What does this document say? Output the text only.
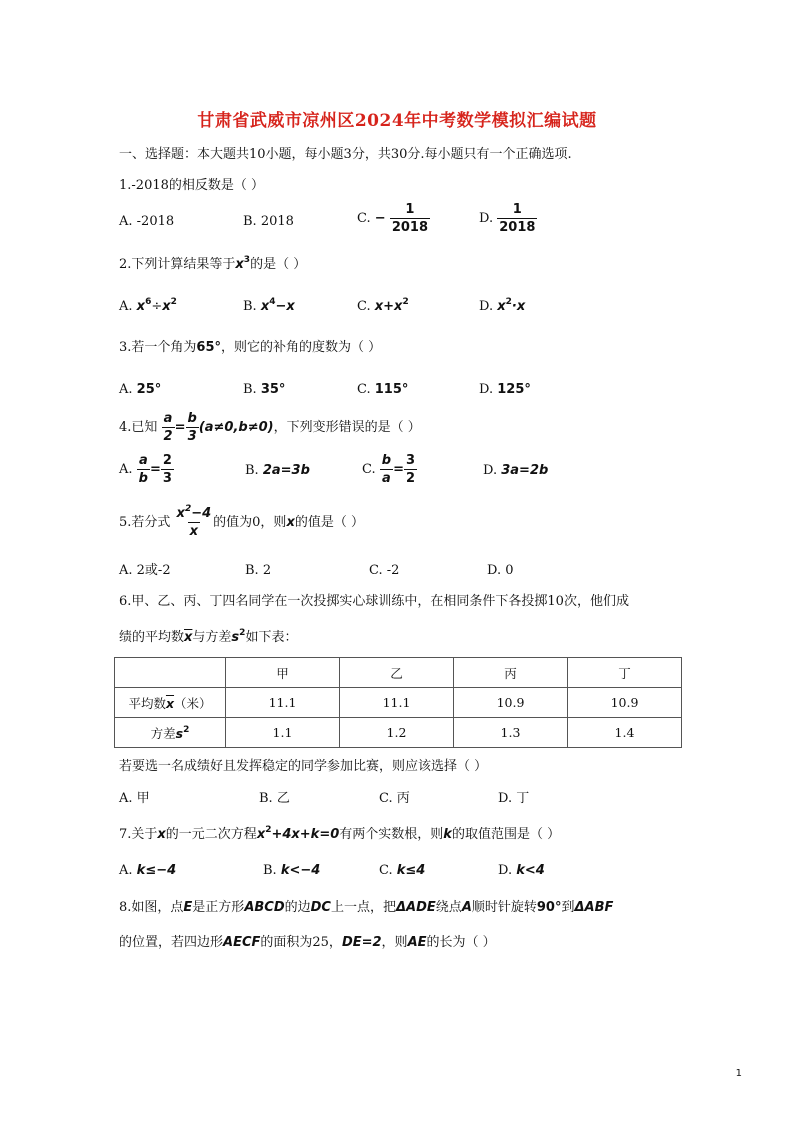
甘肃省武威市凉州区2024年中考数学模拟汇编试题
一、选择题：本大题共10小题，每小题3分，共30分.每小题只有一个正确选项.
1.-2018的相反数是（ ）
A. -2018	B. 2018	C. − $\frac{1}{2018}$	D. $\frac{1}{2018}$
2.下列计算结果等于$x^3$的是（ ）
A. $x^6\div x^2$	B. $x^4-x$	C. $x+x^2$	D. $x^2\cdot x$
3.若一个角为65°，则它的补角的度数为（ ）
A. 25°	B. 35°	C. 115°	D. 125°
4.已知 $\frac{a}{2} = \frac{b}{3} (a\ne 0,b\ne 0)$，下列变形错误的是（ ）
A. $\frac{a}{b} = \frac{2}{3}$	B. 2a=3b	C. $\frac{b}{a} = \frac{3}{2}$	D. 3a=2b
5.若分式 $\frac{x^2-4}{x}$ 的值为0，则x的值是（ ）
A. 2或-2	B. 2	C. -2	D. 0
6.甲、乙、丙、丁四名同学在一次投掷实心球训练中，在相同条件下各投掷10次，他们成
绩的平均数$\overline{x}$与方差$s^2$如下表：
	甲	乙	丙	丁
平均数$\overline{x}$（米）	11.1	11.1	10.9	10.9
方差$s^2$	1.1	1.2	1.3	1.4
若要选一名成绩好且发挥稳定的同学参加比赛，则应该选择（ ）
A. 甲	B. 乙	C. 丙	D. 丁
7.关于x的一元二次方程$x^2+4x+k=0$有两个实数根，则k的取值范围是（ ）
A. k≤−4	B. k<−4	C. k≤4	D. k<4
8.如图，点E是正方形ABCD的边DC上一点，把ΔADE绕点A顺时针旋转90°到ΔABF
的位置，若四边形AECF的面积为25，DE=2，则AE的长为（ ）
1
